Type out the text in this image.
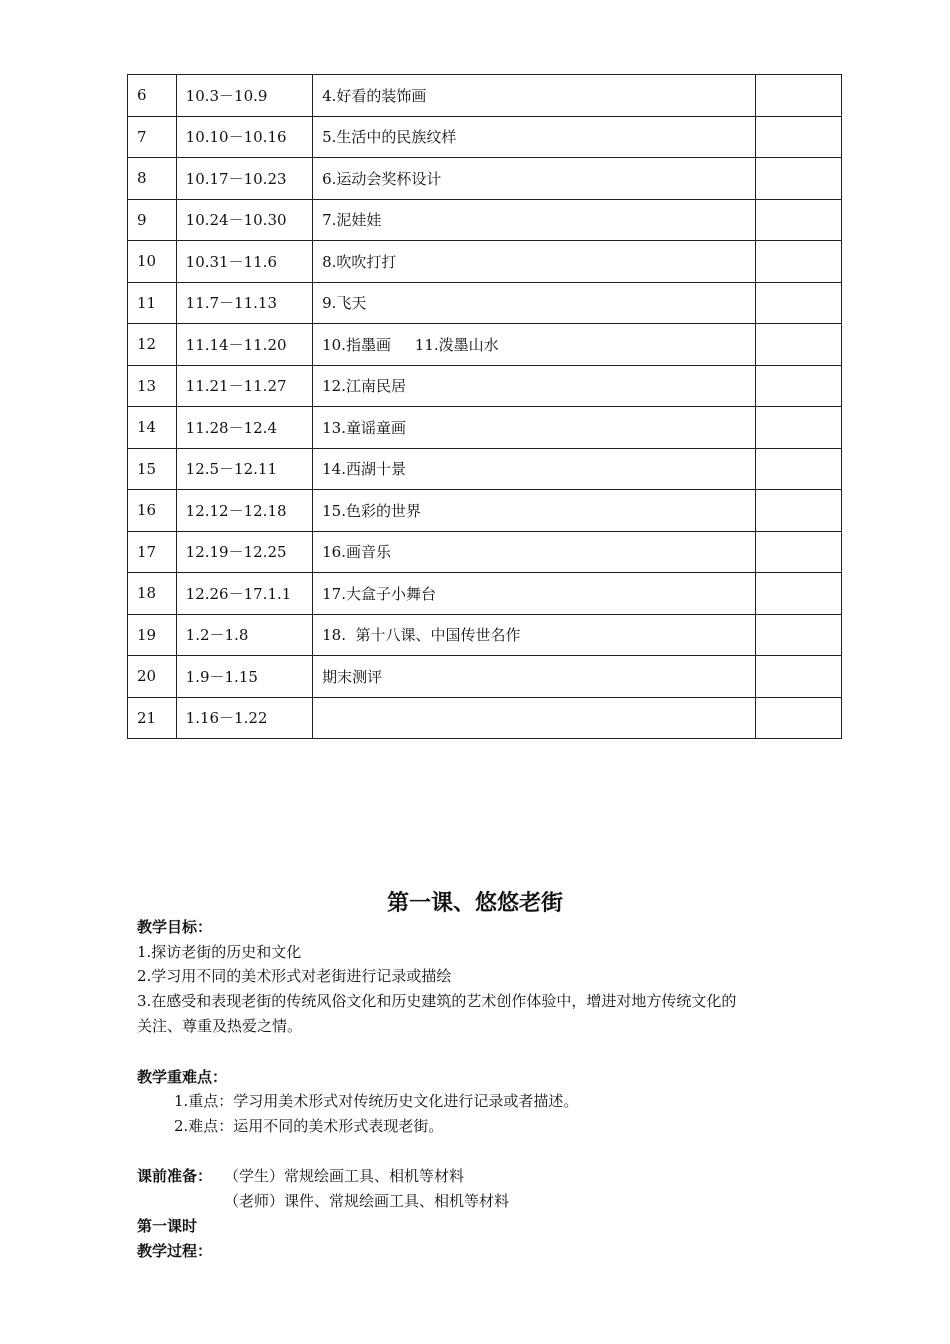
6	10.3－10.9	4.好看的装饰画	
7	10.10－10.16	5.生活中的民族纹样	
8	10.17－10.23	6.运动会奖杯设计	
9	10.24－10.30	7.泥娃娃	
10	10.31－11.6	8.吹吹打打	
11	11.7－11.13	9.飞天	
12	11.14－11.20	10.指墨画     11.泼墨山水	
13	11.21－11.27	12.江南民居	
14	11.28－12.4	13.童谣童画	
15	12.5－12.11	14.西湖十景	
16	12.12－12.18	15.色彩的世界	
17	12.19－12.25	16.画音乐	
18	12.26－17.1.1	17.大盒子小舞台	
19	1.2－1.8	18.  第十八课、中国传世名作	
20	1.9－1.15	期末测评	
21	1.16－1.22		
第一课、悠悠老街
教学目标：
1.探访老街的历史和文化
2.学习用不同的美术形式对老街进行记录或描绘
3.在感受和表现老街的传统风俗文化和历史建筑的艺术创作体验中，增进对地方传统文化的
关注、尊重及热爱之情。
教学重难点：
1.重点：学习用美术形式对传统历史文化进行记录或者描述。
2.难点：运用不同的美术形式表现老街。
课前准备： （学生）常规绘画工具、相机等材料
（老师）课件、常规绘画工具、相机等材料
第一课时
教学过程：
